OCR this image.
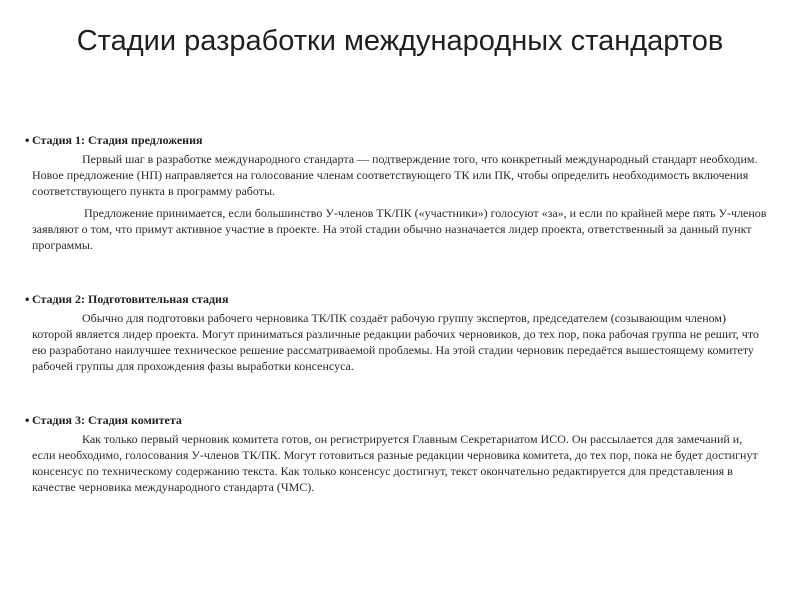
Стадии разработки международных стандартов
• Стадия 1: Стадия предложения

Первый шаг в разработке международного стандарта — подтверждение того, что конкретный международный стандарт необходим. Новое предложение (НП) направляется на голосование членам соответствующего ТК или ПК, чтобы определить необходимость включения соответствующего пункта в программу работы.

Предложение принимается, если большинство У-членов ТК/ПК («участники») голосуют «за», и если по крайней мере пять У-членов заявляют о том, что примут активное участие в проекте. На этой стадии обычно назначается лидер проекта, ответственный за данный пункт программы.

• Стадия 2: Подготовительная стадия

Обычно для подготовки рабочего черновика ТК/ПК создаёт рабочую группу экспертов, председателем (созывающим членом) которой является лидер проекта. Могут приниматься различные редакции рабочих черновиков, до тех пор, пока рабочая группа не решит, что ею разработано наилучшее техническое решение рассматриваемой проблемы. На этой стадии черновик передаётся вышестоящему комитету рабочей группы для прохождения фазы выработки консенсуса.

• Стадия 3: Стадия комитета

Как только первый черновик комитета готов, он регистрируется Главным Секретариатом ИСО. Он рассылается для замечаний и, если необходимо, голосования У-членов ТК/ПК. Могут готовиться разные редакции черновика комитета, до тех пор, пока не будет достигнут консенсус по техническому содержанию текста. Как только консенсус достигнут, текст окончательно редактируется для представления в качестве черновика международного стандарта (ЧМС).
